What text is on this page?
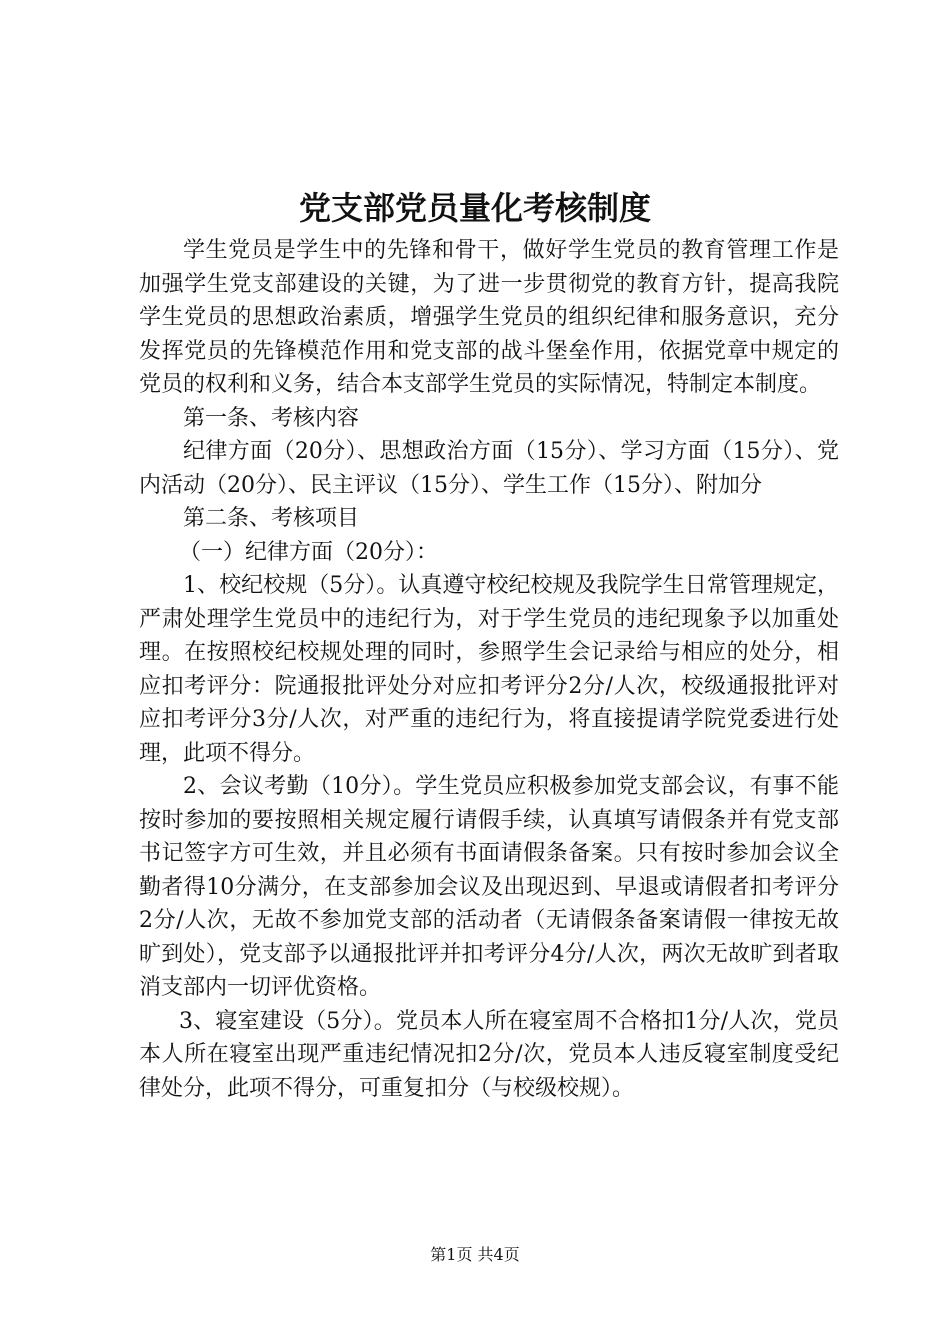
党支部党员量化考核制度

学生党员是学生中的先锋和骨干，做好学生党员的教育管理工作是加强学生党支部建设的关键，为了进一步贯彻党的教育方针，提高我院学生党员的思想政治素质，增强学生党员的组织纪律和服务意识，充分发挥党员的先锋模范作用和党支部的战斗堡垒作用，依据党章中规定的党员的权利和义务，结合本支部学生党员的实际情况，特制定本制度。

第一条、考核内容

纪律方面（20分）、思想政治方面（15分）、学习方面（15分）、党内活动（20分）、民主评议（15分）、学生工作（15分）、附加分

第二条、考核项目

（一）纪律方面（20分）：

1、校纪校规（5分）。认真遵守校纪校规及我院学生日常管理规定，严肃处理学生党员中的违纪行为，对于学生党员的违纪现象予以加重处理。在按照校纪校规处理的同时，参照学生会记录给与相应的处分，相应扣考评分：院通报批评处分对应扣考评分2分/人次，校级通报批评对应扣考评分3分/人次，对严重的违纪行为，将直接提请学院党委进行处理，此项不得分。

2、会议考勤（10分）。学生党员应积极参加党支部会议，有事不能按时参加的要按照相关规定履行请假手续，认真填写请假条并有党支部书记签字方可生效，并且必须有书面请假条备案。只有按时参加会议全勤者得10分满分，在支部参加会议及出现迟到、早退或请假者扣考评分2分/人次，无故不参加党支部的活动者（无请假条备案请假一律按无故旷到处），党支部予以通报批评并扣考评分4分/人次，两次无故旷到者取消支部内一切评优资格。

3、寝室建设（5分）。党员本人所在寝室周不合格扣1分/人次，党员本人所在寝室出现严重违纪情况扣2分/次，党员本人违反寝室制度受纪律处分，此项不得分，可重复扣分（与校级校规）。

第1页 共4页
